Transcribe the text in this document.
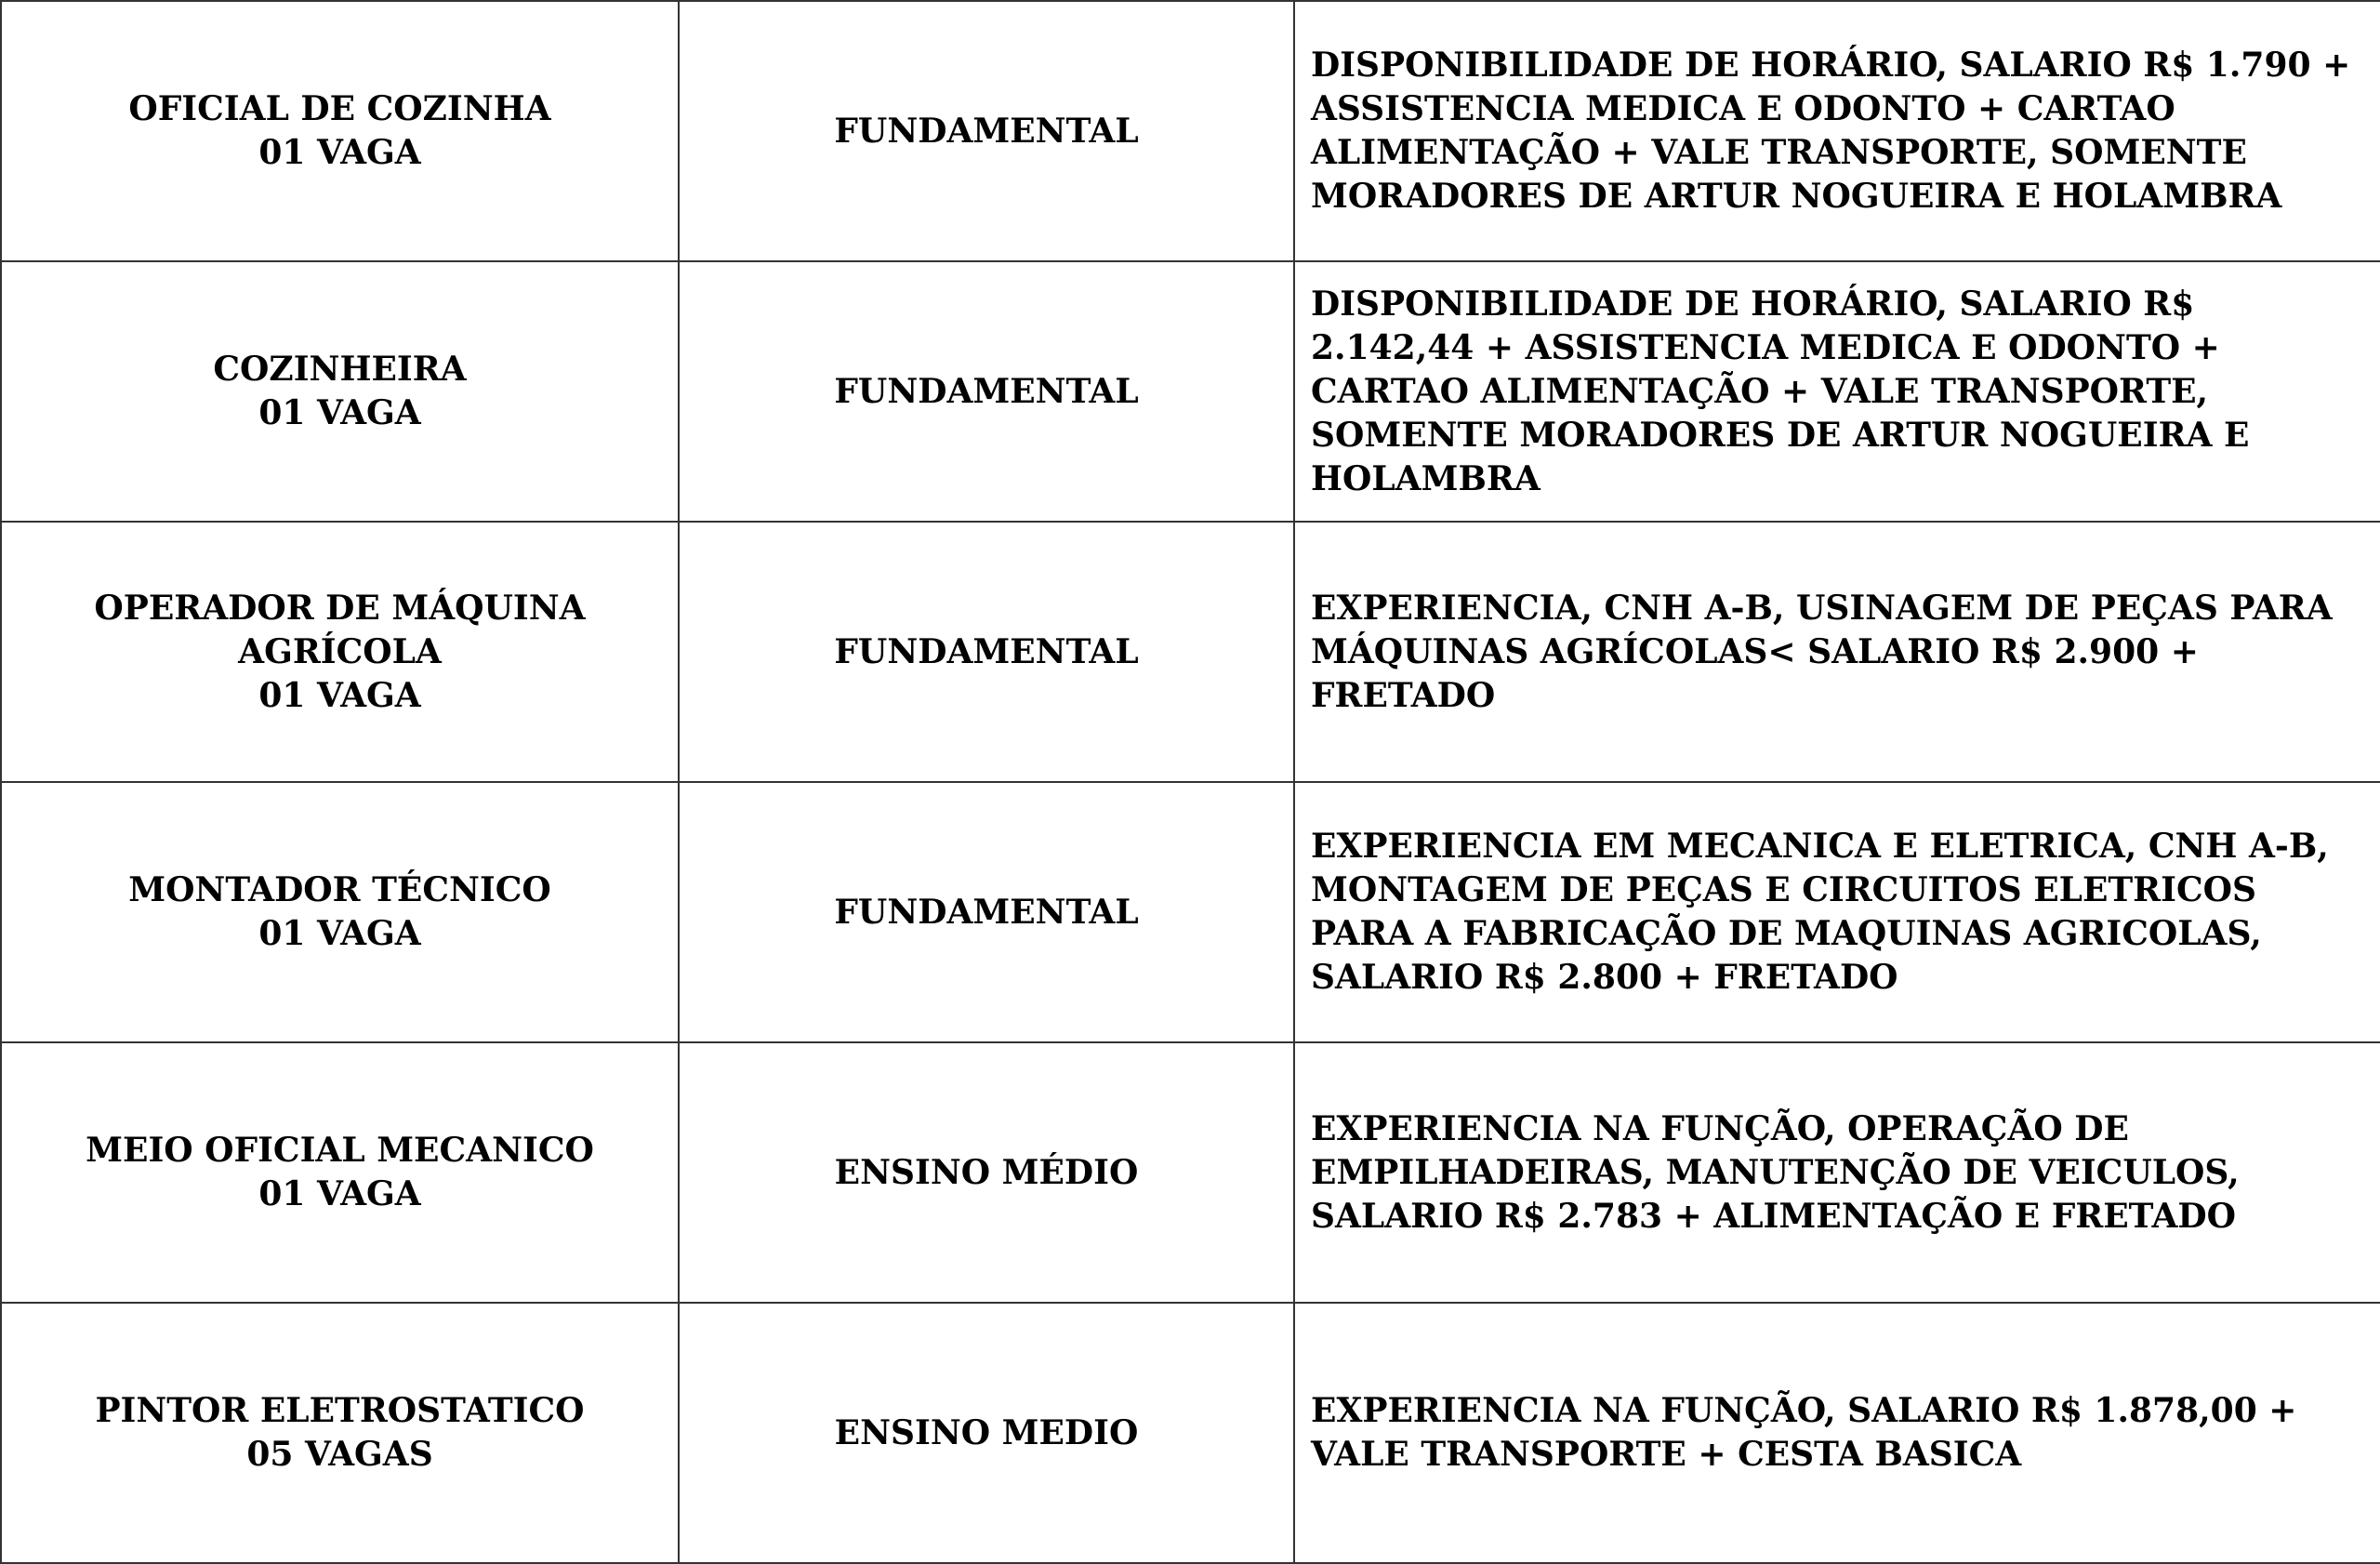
OFICIAL DE COZINHA
01 VAGA	FUNDAMENTAL	DISPONIBILIDADE DE HORÁRIO, SALARIO R$ 1.790 + ASSISTENCIA MEDICA E ODONTO + CARTAO ALIMENTAÇÃO + VALE TRANSPORTE, SOMENTE MORADORES DE ARTUR NOGUEIRA E HOLAMBRA

COZINHEIRA
01 VAGA	FUNDAMENTAL	DISPONIBILIDADE DE HORÁRIO, SALARIO R$ 2.142,44 + ASSISTENCIA MEDICA E ODONTO + CARTAO ALIMENTAÇÃO + VALE TRANSPORTE, SOMENTE MORADORES DE ARTUR NOGUEIRA E HOLAMBRA

OPERADOR DE MÁQUINA AGRÍCOLA
01 VAGA	FUNDAMENTAL	EXPERIENCIA, CNH A-B, USINAGEM DE PEÇAS PARA MÁQUINAS AGRÍCOLAS< SALARIO R$ 2.900 + FRETADO

MONTADOR TÉCNICO
01 VAGA	FUNDAMENTAL	EXPERIENCIA EM MECANICA E ELETRICA, CNH A-B, MONTAGEM DE PEÇAS E CIRCUITOS ELETRICOS PARA A FABRICAÇÃO DE MAQUINAS AGRICOLAS, SALARIO R$ 2.800 + FRETADO

MEIO OFICIAL MECANICO
01 VAGA	ENSINO MÉDIO	EXPERIENCIA NA FUNÇÃO, OPERAÇÃO DE EMPILHADEIRAS, MANUTENÇÃO DE VEICULOS, SALARIO R$ 2.783 + ALIMENTAÇÃO E FRETADO

PINTOR ELETROSTATICO
05 VAGAS	ENSINO MEDIO	EXPERIENCIA NA FUNÇÃO, SALARIO R$ 1.878,00 + VALE TRANSPORTE + CESTA BASICA
